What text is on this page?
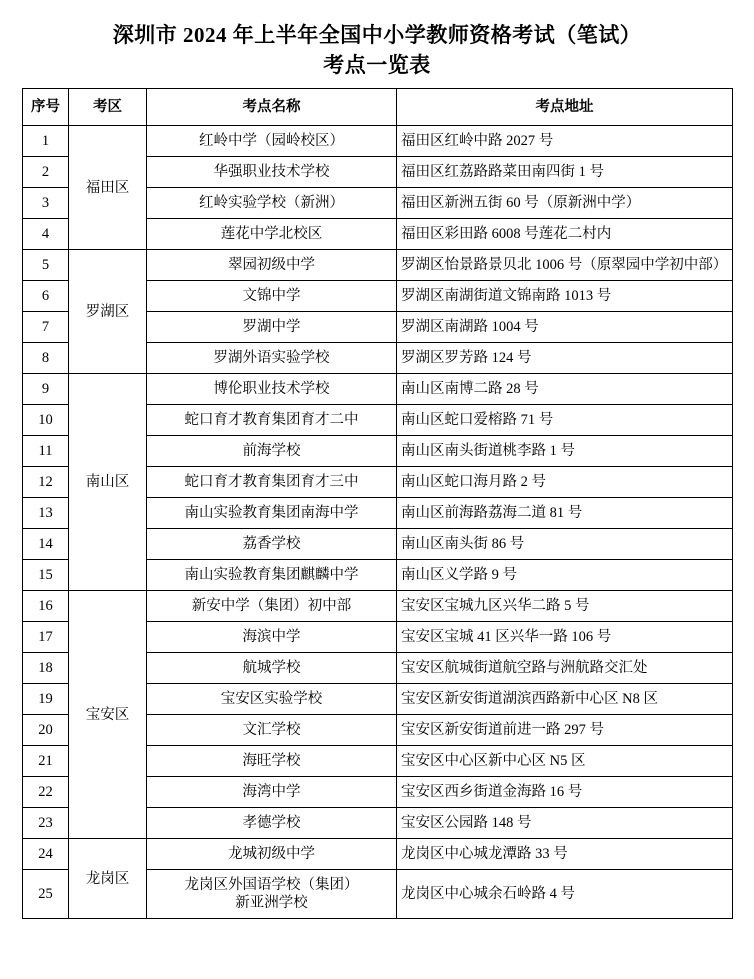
深圳市 2024 年上半年全国中小学教师资格考试（笔试）
考点一览表
序号	考区	考点名称	考点地址
1	福田区	红岭中学（园岭校区）	福田区红岭中路 2027 号
2		华强职业技术学校	福田区红荔路路菜田南四街 1 号
3		红岭实验学校（新洲）	福田区新洲五街 60 号（原新洲中学）
4		莲花中学北校区	福田区彩田路 6008 号莲花二村内
5	罗湖区	翠园初级中学	罗湖区怡景路景贝北 1006 号（原翠园中学初中部）
6		文锦中学	罗湖区南湖街道文锦南路 1013 号
7		罗湖中学	罗湖区南湖路 1004 号
8		罗湖外语实验学校	罗湖区罗芳路 124 号
9	南山区	博伦职业技术学校	南山区南博二路 28 号
10		蛇口育才教育集团育才二中	南山区蛇口爱榕路 71 号
11		前海学校	南山区南头街道桃李路 1 号
12		蛇口育才教育集团育才三中	南山区蛇口海月路 2 号
13		南山实验教育集团南海中学	南山区前海路荔海二道 81 号
14		荔香学校	南山区南头街 86 号
15		南山实验教育集团麒麟中学	南山区义学路 9 号
16	宝安区	新安中学（集团）初中部	宝安区宝城九区兴华二路 5 号
17		海滨中学	宝安区宝城 41 区兴华一路 106 号
18		航城学校	宝安区航城街道航空路与洲航路交汇处
19		宝安区实验学校	宝安区新安街道湖滨西路新中心区 N8 区
20		文汇学校	宝安区新安街道前进一路 297 号
21		海旺学校	宝安区中心区新中心区 N5 区
22		海湾中学	宝安区西乡街道金海路 16 号
23		孝德学校	宝安区公园路 148 号
24	龙岗区	龙城初级中学	龙岗区中心城龙潭路 33 号
25		龙岗区外国语学校（集团）
新亚洲学校	龙岗区中心城余石岭路 4 号
